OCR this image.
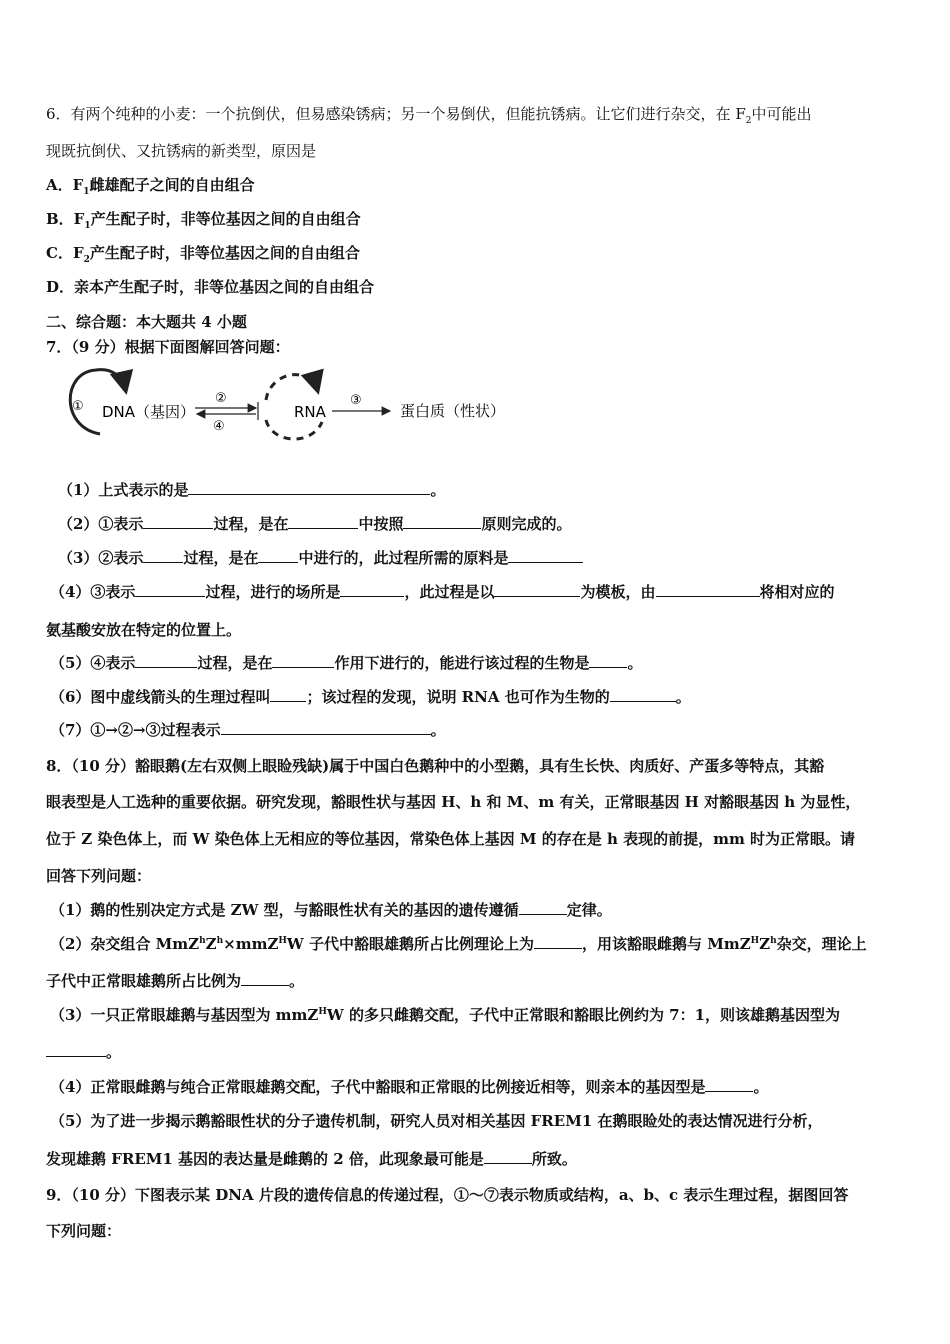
6．有两个纯种的小麦：一个抗倒伏，但易感染锈病；另一个易倒伏，但能抗锈病。让它们进行杂交，在 $F_2$中可能出
现既抗倒伏、又抗锈病的新类型，原因是
A．$F_1$雌雄配子之间的自由组合
B．$F_1$产生配子时，非等位基因之间的自由组合
C．$F_2$产生配子时，非等位基因之间的自由组合
D．亲本产生配子时，非等位基因之间的自由组合
二、综合题：本大题共 4 小题
7．（9 分）根据下面图解回答问题：
① DNA（基因）
②
④
RNA
③
蛋白质（性状）
（1）上式表示的是	。
（2）①表示	过程，是在	中按照	原则完成的。
（3）②表示	过程，是在	中进行的，此过程所需的原料是
（4）③表示	过程，进行的场所是	，此过程是以	为模板，由	将相对应的
氨基酸安放在特定的位置上。
（5）④表示	过程，是在	作用下进行的，能进行该过程的生物是	。
（6）图中虚线箭头的生理过程叫 ；该过程的发现，说明 RNA 也可作为生物的	。
（7）①→②→③过程表示	。
8．（10 分）豁眼鹅(左右双侧上眼睑残缺)属于中国白色鹅种中的小型鹅，具有生长快、肉质好、产蛋多等特点，其豁
眼表型是人工选种的重要依据。研究发现，豁眼性状与基因 H、h 和 M、m 有关，正常眼基因 H 对豁眼基因 h 为显性，
位于 Z 染色体上，而 W 染色体上无相应的等位基因，常染色体上基因 M 的存在是 h 表现的前提，mm 时为正常眼。请
回答下列问题：
（1）鹅的性别决定方式是 ZW 型，与豁眼性状有关的基因的遗传遵循	定律。
（2）杂交组合 $MmZ^hZ^h\times mmZ^HW$ 子代中豁眼雄鹅所占比例理论上为	，用该豁眼雌鹅与 $MmZ^HZ^h$杂交，理论上
子代中正常眼雄鹅所占比例为	。
（3）一只正常眼雄鹅与基因型为 mmZ$^H$W 的多只雌鹅交配，子代中正常眼和豁眼比例约为 7：1，则该雄鹅基因型为
。
（4）正常眼雌鹅与纯合正常眼雄鹅交配，子代中豁眼和正常眼的比例接近相等，则亲本的基因型是	。
（5）为了进一步揭示鹅豁眼性状的分子遗传机制，研究人员对相关基因 FREM1 在鹅眼睑处的表达情况进行分析，
发现雄鹅 FREM1 基因的表达量是雌鹅的 2 倍，此现象最可能是	所致。
9．（10 分）下图表示某 DNA 片段的遗传信息的传递过程，①～⑦表示物质或结构，a、b、c 表示生理过程，据图回答
下列问题：
